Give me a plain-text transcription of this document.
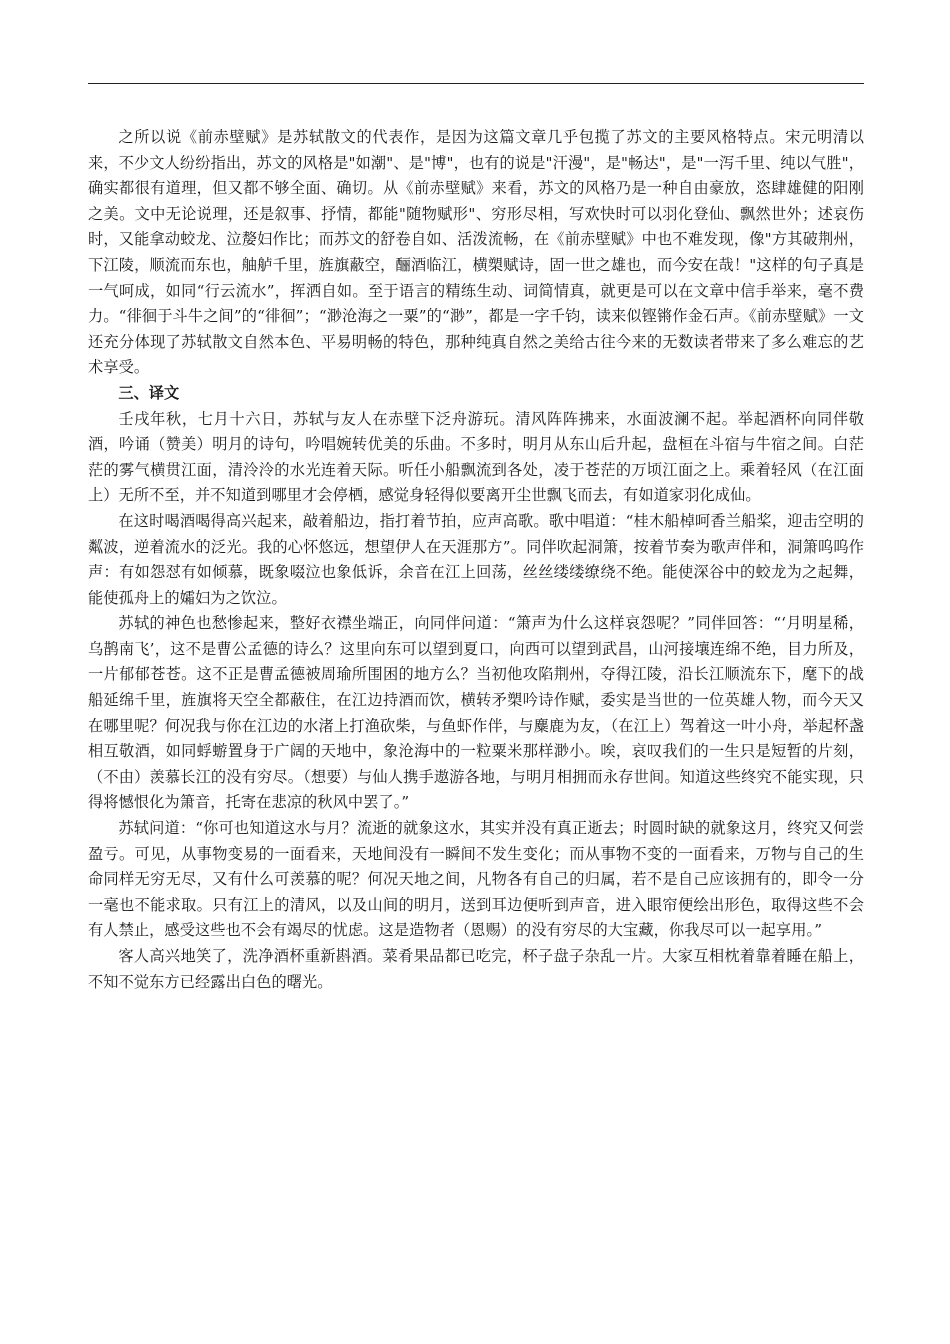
之所以说《前赤壁赋》是苏轼散文的代表作，是因为这篇文章几乎包揽了苏文的主要风格特点。宋元明清以来，不少文人纷纷指出，苏文的风格是"如潮"、是"博"，也有的说是"汗漫"，是"畅达"，是"一泻千里、纯以气胜"，确实都很有道理，但又都不够全面、确切。从《前赤壁赋》来看，苏文的风格乃是一种自由豪放，恣肆雄健的阳刚之美。文中无论说理，还是叙事、抒情，都能"随物赋形"、穷形尽相，写欢快时可以羽化登仙、飘然世外；述哀伤时，又能拿动蛟龙、泣嫠妇作比；而苏文的舒卷自如、活泼流畅，在《前赤壁赋》中也不难发现，像"方其破荆州，下江陵，顺流而东也，舳舻千里，旌旗蔽空，酾酒临江，横槊赋诗，固一世之雄也，而今安在哉！"这样的句子真是一气呵成，如同“行云流水”，挥洒自如。至于语言的精练生动、词简情真，就更是可以在文章中信手举来，毫不费力。“徘徊于斗牛之间”的“徘徊”；“渺沧海之一粟”的“渺”，都是一字千钧，读来似铿锵作金石声。《前赤壁赋》一文还充分体现了苏轼散文自然本色、平易明畅的特色，那种纯真自然之美给古往今来的无数读者带来了多么难忘的艺术享受。

三、译文

壬戌年秋，七月十六日，苏轼与友人在赤壁下泛舟游玩。清风阵阵拂来，水面波澜不起。举起酒杯向同伴敬酒，吟诵（赞美）明月的诗句，吟唱婉转优美的乐曲。不多时，明月从东山后升起，盘桓在斗宿与牛宿之间。白茫茫的雾气横贯江面，清泠泠的水光连着天际。听任小船飘流到各处，凌于苍茫的万顷江面之上。乘着轻风（在江面上）无所不至，并不知道到哪里才会停栖，感觉身轻得似要离开尘世飘飞而去，有如道家羽化成仙。

在这时喝酒喝得高兴起来，敲着船边，指打着节拍，应声高歌。歌中唱道：“桂木船棹呵香兰船桨，迎击空明的粼波，逆着流水的泛光。我的心怀悠远，想望伊人在天涯那方”。同伴吹起洞箫，按着节奏为歌声伴和，洞箫呜呜作声：有如怨怼有如倾慕，既象啜泣也象低诉，余音在江上回荡，丝丝缕缕缭绕不绝。能使深谷中的蛟龙为之起舞，能使孤舟上的孀妇为之饮泣。

苏轼的神色也愁惨起来，整好衣襟坐端正，向同伴问道：“箫声为什么这样哀怨呢？”同伴回答：“‘月明星稀，乌鹊南飞’，这不是曹公孟德的诗么？这里向东可以望到夏口，向西可以望到武昌，山河接壤连绵不绝，目力所及，一片郁郁苍苍。这不正是曹孟德被周瑜所围困的地方么？当初他攻陷荆州，夺得江陵，沿长江顺流东下，麾下的战船延绵千里，旌旗将天空全都蔽住，在江边持酒而饮，横转矛槊吟诗作赋，委实是当世的一位英雄人物，而今天又在哪里呢？何况我与你在江边的水渚上打渔砍柴，与鱼虾作伴，与麋鹿为友，（在江上）驾着这一叶小舟，举起杯盏相互敬酒，如同蜉蝣置身于广阔的天地中，象沧海中的一粒粟米那样渺小。唉，哀叹我们的一生只是短暂的片刻，（不由）羡慕长江的没有穷尽。（想要）与仙人携手遨游各地，与明月相拥而永存世间。知道这些终究不能实现，只得将憾恨化为箫音，托寄在悲凉的秋风中罢了。”

苏轼问道：“你可也知道这水与月？流逝的就象这水，其实并没有真正逝去；时圆时缺的就象这月，终究又何尝盈亏。可见，从事物变易的一面看来，天地间没有一瞬间不发生变化；而从事物不变的一面看来，万物与自己的生命同样无穷无尽，又有什么可羡慕的呢？何况天地之间，凡物各有自己的归属，若不是自己应该拥有的，即令一分一毫也不能求取。只有江上的清风，以及山间的明月，送到耳边便听到声音，进入眼帘便绘出形色，取得这些不会有人禁止，感受这些也不会有竭尽的忧虑。这是造物者（恩赐）的没有穷尽的大宝藏，你我尽可以一起享用。”

客人高兴地笑了，洗净酒杯重新斟酒。菜肴果品都已吃完，杯子盘子杂乱一片。大家互相枕着靠着睡在船上，不知不觉东方已经露出白色的曙光。
